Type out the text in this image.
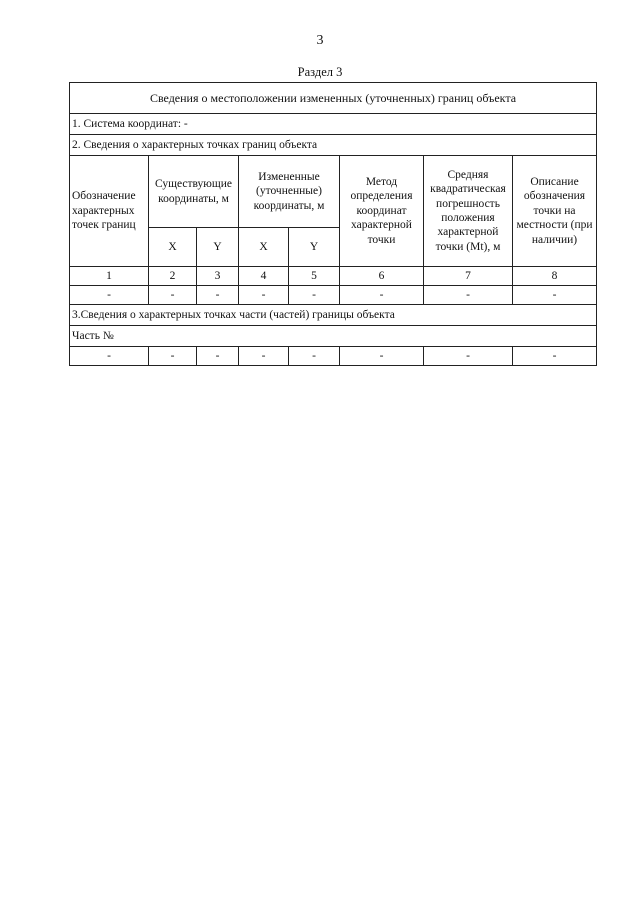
3
Раздел 3
Сведения о местоположении измененных (уточненных) границ объекта							
1. Система координат: -							
2. Сведения о характерных точках границ объекта							
Обозначение характерных точек границ	Существующие координаты, м		Измененные (уточненные) координаты, м		Метод определения координат характерной точки	Средняя квадратическая погрешность положения характерной точки (Mt), м	Описание обозначения точки на местности (при наличии)
	X	Y	X	Y			
1	2	3	4	5	6	7	8
-	-	-	-	-	-	-	-
3.Сведения о характерных точках части (частей) границы объекта							
Часть №							
-	-	-	-	-	-	-	-
